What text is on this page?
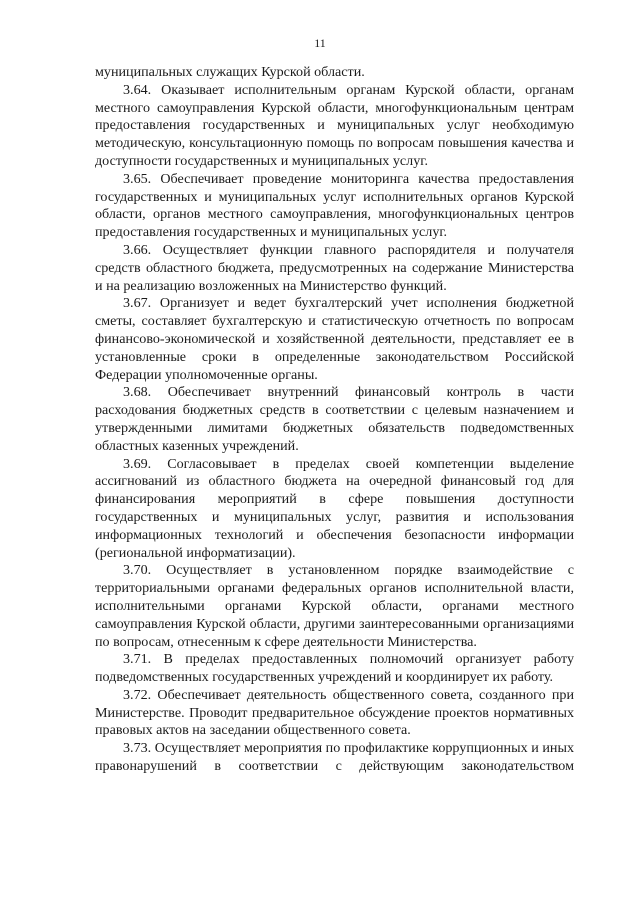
11

муниципальных служащих Курской области.

3.64. Оказывает исполнительным органам Курской области, органам местного самоуправления Курской области, многофункциональным центрам предоставления государственных и муниципальных услуг необходимую методическую, консультационную помощь по вопросам повышения качества и доступности государственных и муниципальных услуг.

3.65. Обеспечивает проведение мониторинга качества предоставления государственных и муниципальных услуг исполнительных органов Курской области, органов местного самоуправления, многофункциональных центров предоставления государственных и муниципальных услуг.

3.66. Осуществляет функции главного распорядителя и получателя средств областного бюджета, предусмотренных на содержание Министерства и на реализацию возложенных на Министерство функций.

3.67. Организует и ведет бухгалтерский учет исполнения бюджетной сметы, составляет бухгалтерскую и статистическую отчетность по вопросам финансово-экономической и хозяйственной деятельности, представляет ее в установленные сроки в определенные законодательством Российской Федерации уполномоченные органы.

3.68. Обеспечивает внутренний финансовый контроль в части расходования бюджетных средств в соответствии с целевым назначением и утвержденными лимитами бюджетных обязательств подведомственных областных казенных учреждений.

3.69. Согласовывает в пределах своей компетенции выделение ассигнований из областного бюджета на очередной финансовый год для финансирования мероприятий в сфере повышения доступности государственных и муниципальных услуг, развития и использования информационных технологий и обеспечения безопасности информации (региональной информатизации).

3.70. Осуществляет в установленном порядке взаимодействие с территориальными органами федеральных органов исполнительной власти, исполнительными органами Курской области, органами местного самоуправления Курской области, другими заинтересованными организациями по вопросам, отнесенным к сфере деятельности Министерства.

3.71. В пределах предоставленных полномочий организует работу подведомственных государственных учреждений и координирует их работу.

3.72. Обеспечивает деятельность общественного совета, созданного при Министерстве. Проводит предварительное обсуждение проектов нормативных правовых актов на заседании общественного совета.

3.73. Осуществляет мероприятия по профилактике коррупционных и иных правонарушений в соответствии с действующим законодательством
